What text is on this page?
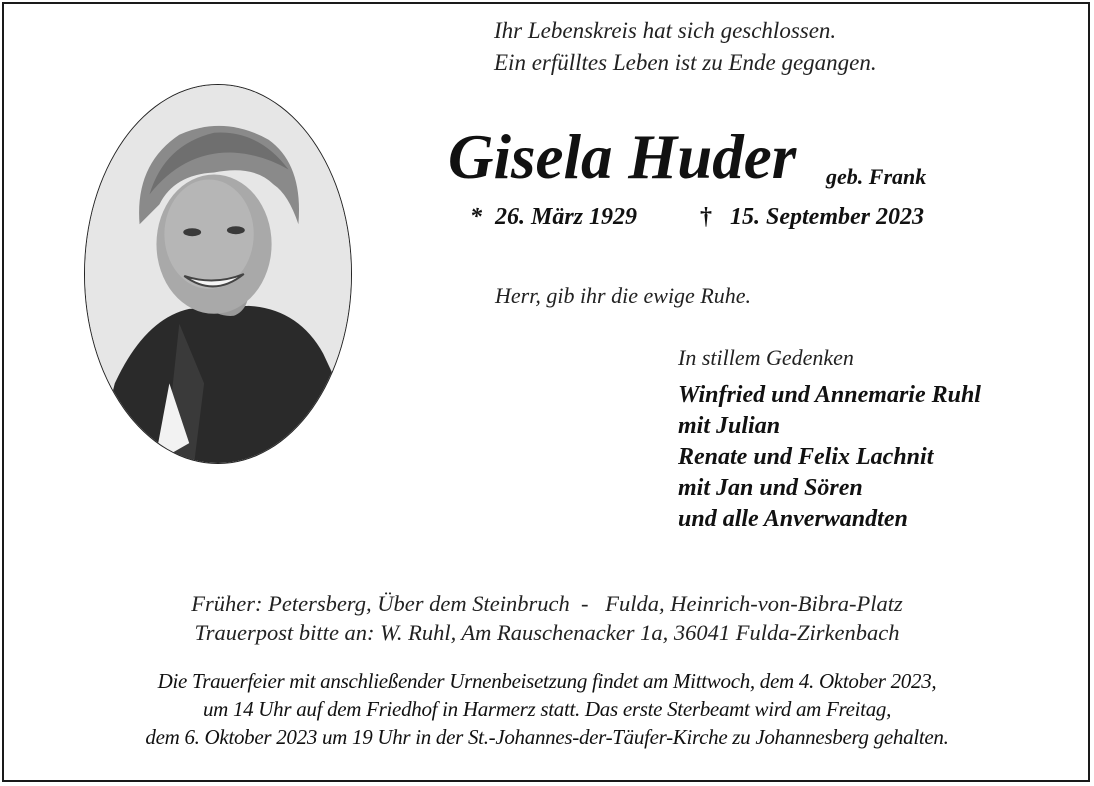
Ihr Lebenskreis hat sich geschlossen.
Ein erfülltes Leben ist zu Ende gegangen.
Gisela Huder geb. Frank
* 26. März 1929	† 15. September 2023
Herr, gib ihr die ewige Ruhe.
In stillem Gedenken
Winfried und Annemarie Ruhl
mit Julian
Renate und Felix Lachnit
mit Jan und Sören
und alle Anverwandten
Früher: Petersberg, Über dem Steinbruch  -   Fulda, Heinrich-von-Bibra-Platz
Trauerpost bitte an: W. Ruhl, Am Rauschenacker 1a, 36041 Fulda-Zirkenbach
Die Trauerfeier mit anschließender Urnenbeisetzung findet am Mittwoch, dem 4. Oktober 2023,
um 14 Uhr auf dem Friedhof in Harmerz statt. Das erste Sterbeamt wird am Freitag,
dem 6. Oktober 2023 um 19 Uhr in der St.-Johannes-der-Täufer-Kirche zu Johannesberg gehalten.
